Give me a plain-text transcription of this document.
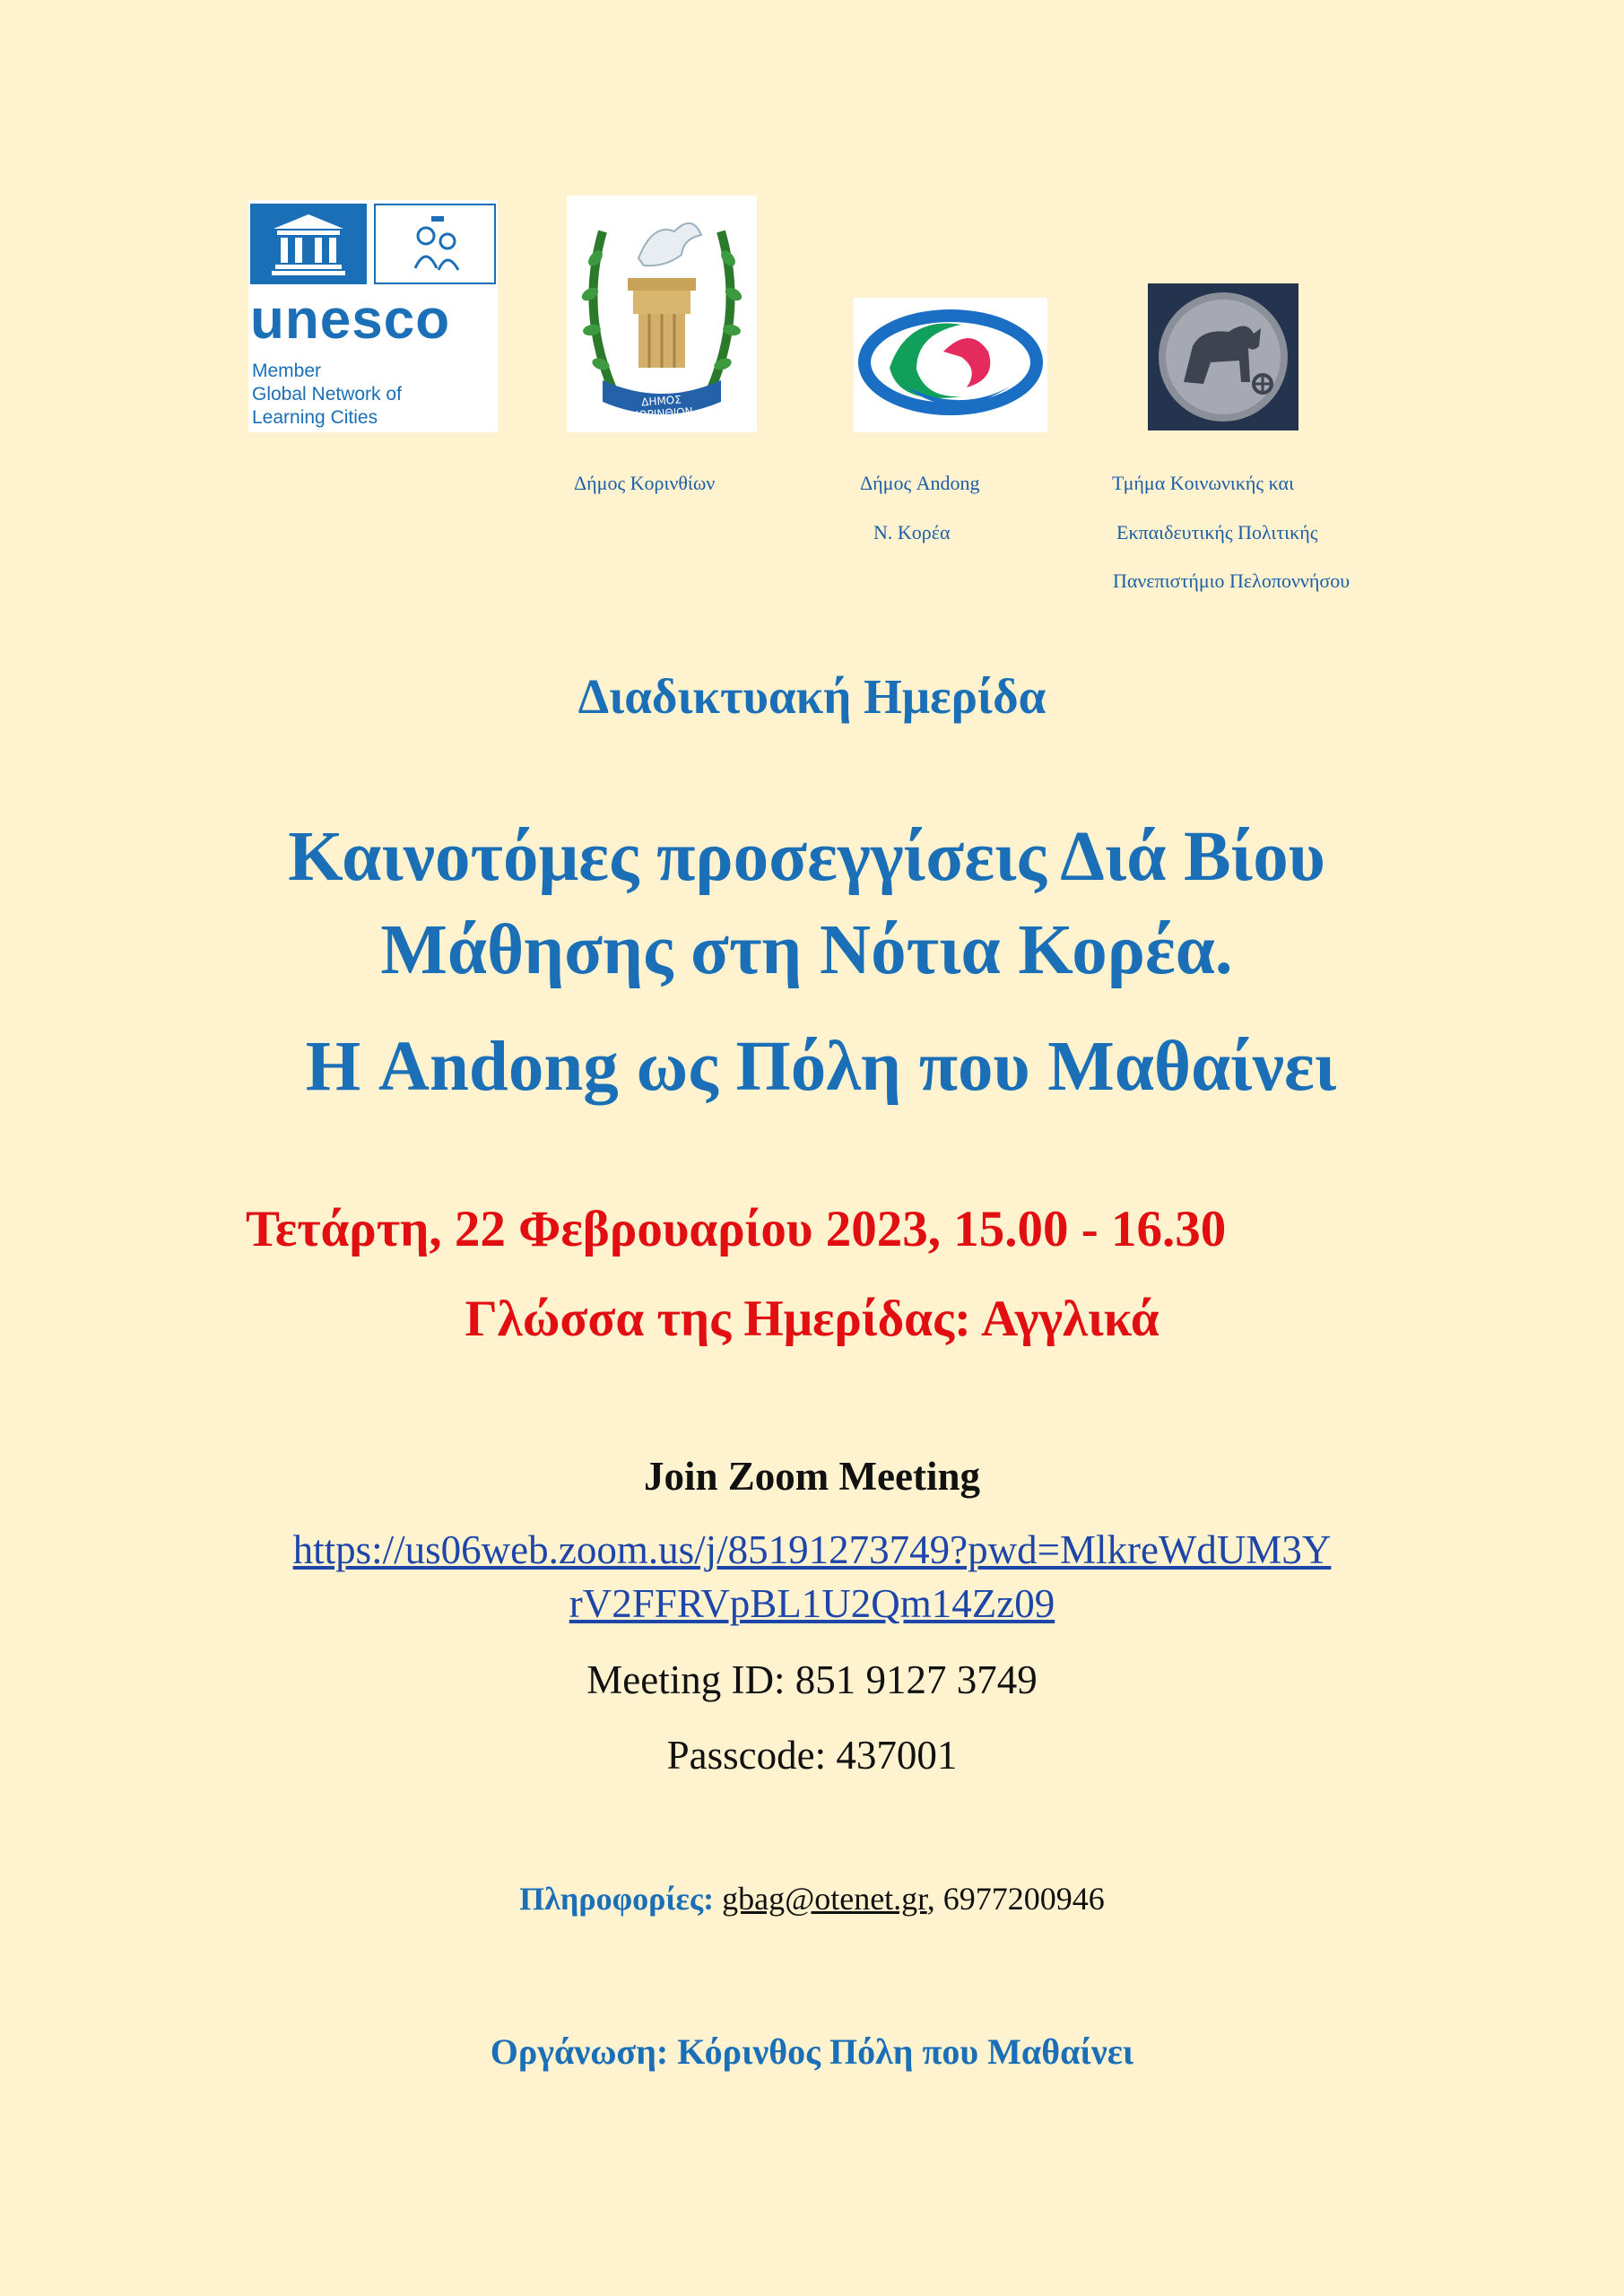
unesco
Member
Global Network of
Learning Cities
ΔΗΜΟΣ ΚΟΡΙΝΘΙΩΝ
Δήμος Κορινθίων	Δήμος Andong
Ν. Κορέα
Τμήμα Κοινωνικής και
Εκπαιδευτικής Πολιτικής
Πανεπιστήμιο Πελοποννήσου
Διαδικτυακή Ημερίδα
Καινοτόμες προσεγγίσεις Διά Βίου
Μάθησης στη Νότια Κορέα.
Η Andong ως Πόλη που Μαθαίνει
Τετάρτη, 22 Φεβρουαρίου 2023, 15.00 - 16.30
Γλώσσα της Ημερίδας: Αγγλικά
Join Zoom Meeting
https://us06web.zoom.us/j/85191273749?pwd=MlkreWdUM3Y
rV2FFRVpBL1U2Qm14Zz09
Meeting ID: 851 9127 3749
Passcode: 437001
Πληροφορίες: gbag@otenet.gr, 6977200946
Οργάνωση: Κόρινθος Πόλη που Μαθαίνει
